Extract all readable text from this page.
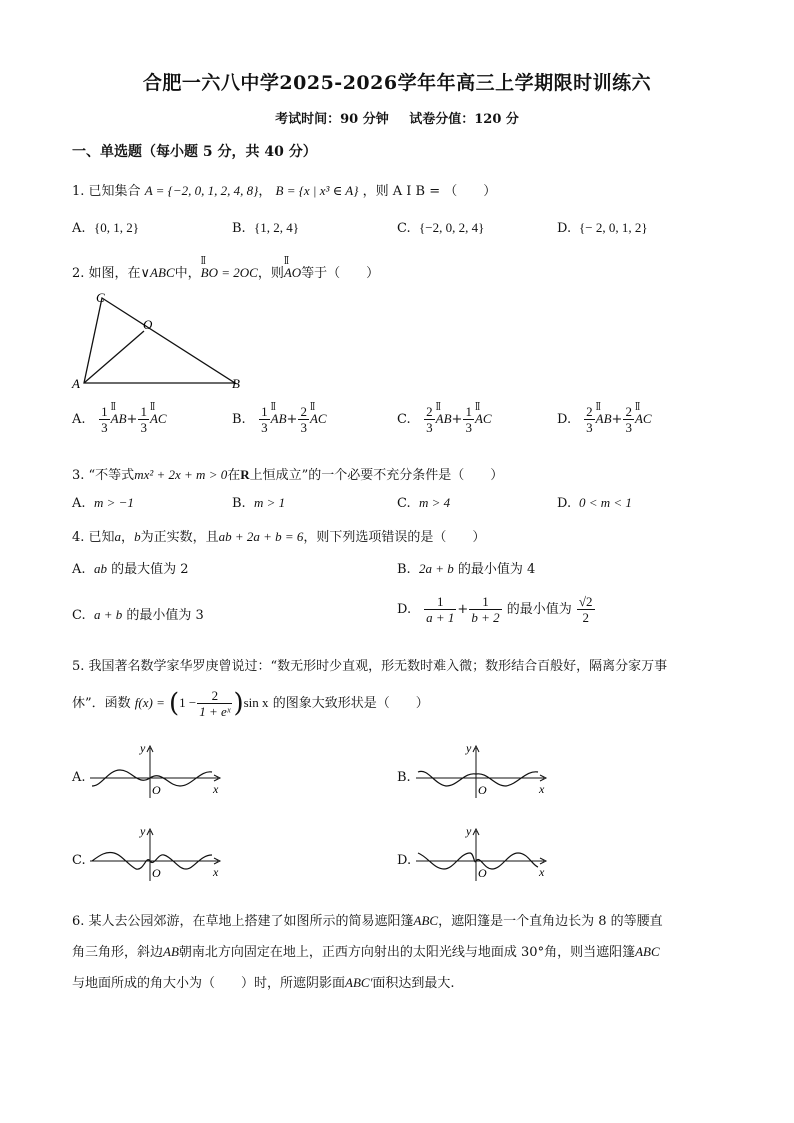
合肥一六八中学2025-2026学年年高三上学期限时训练六
考试时间：90 分钟 试卷分值：120 分
一、单选题（每小题 5 分，共 40 分）
1. 已知集合 A = {−2, 0, 1, 2, 4, 8}， B = {x | x³ ∈ A} ，则 A I B = （　　）
A. {0, 1, 2}	B. {1, 2, 4}	C. {−2, 0, 2, 4}	D. {− 2, 0, 1, 2}
2. 如图，在∨ABC中，ꟾꟾ BO = 2OC，则ꟾꟾ AO等于（　　）
C
O
A	B
A. $\frac{1}{3}$ ꟾꟾ $AB+ \frac{1}{3}$ ꟾꟾ AC	B. $\frac{1}{3}$ ꟾꟾ $AB+ \frac{2}{3}$ ꟾꟾ AC	C. $\frac{2}{3}$ ꟾꟾ $AB+ \frac{1}{3}$ ꟾꟾ AC	D. $\frac{2}{3}$ ꟾꟾ $AB+ \frac{2}{3}$ ꟾꟾ AC
3. “不等式mx² + 2x + m > 0在R上恒成立”的一个必要不充分条件是（　　）
A. m > −1	B. m > 1	C. m > 4	D. 0 < m < 1
4. 已知a，b为正实数，且ab + 2a + b = 6，则下列选项错误的是（　　）
A. ab 的最大值为 2	B. 2a + b 的最小值为 4
C. a + b 的最小值为 3	D. $\frac{1}{a + 1} + \frac{1}{b + 2}$ 的最小值为 $\frac{√2}{2}$
5. 我国著名数学家华罗庚曾说过：“数无形时少直观，形无数时难入微；数形结合百般好，隔离分家万事
休”．函数 $f(x) = (1 - \frac{2}{\text{1 + eˣ}} )\sin$ x 的图象大致形状是（　　）
A.
y
x
O
B.
y
x
O
C.
y
x
O
D.
y
x
O
6. 某人去公园郊游，在草地上搭建了如图所示的简易遮阳篷ABC，遮阳篷是一个直角边长为 8 的等腰直
角三角形，斜边AB朝南北方向固定在地上，正西方向射出的太阳光线与地面成 30°角，则当遮阳篷ABC
与地面所成的角大小为（　　）时，所遮阴影面ABC′面积达到最大.
